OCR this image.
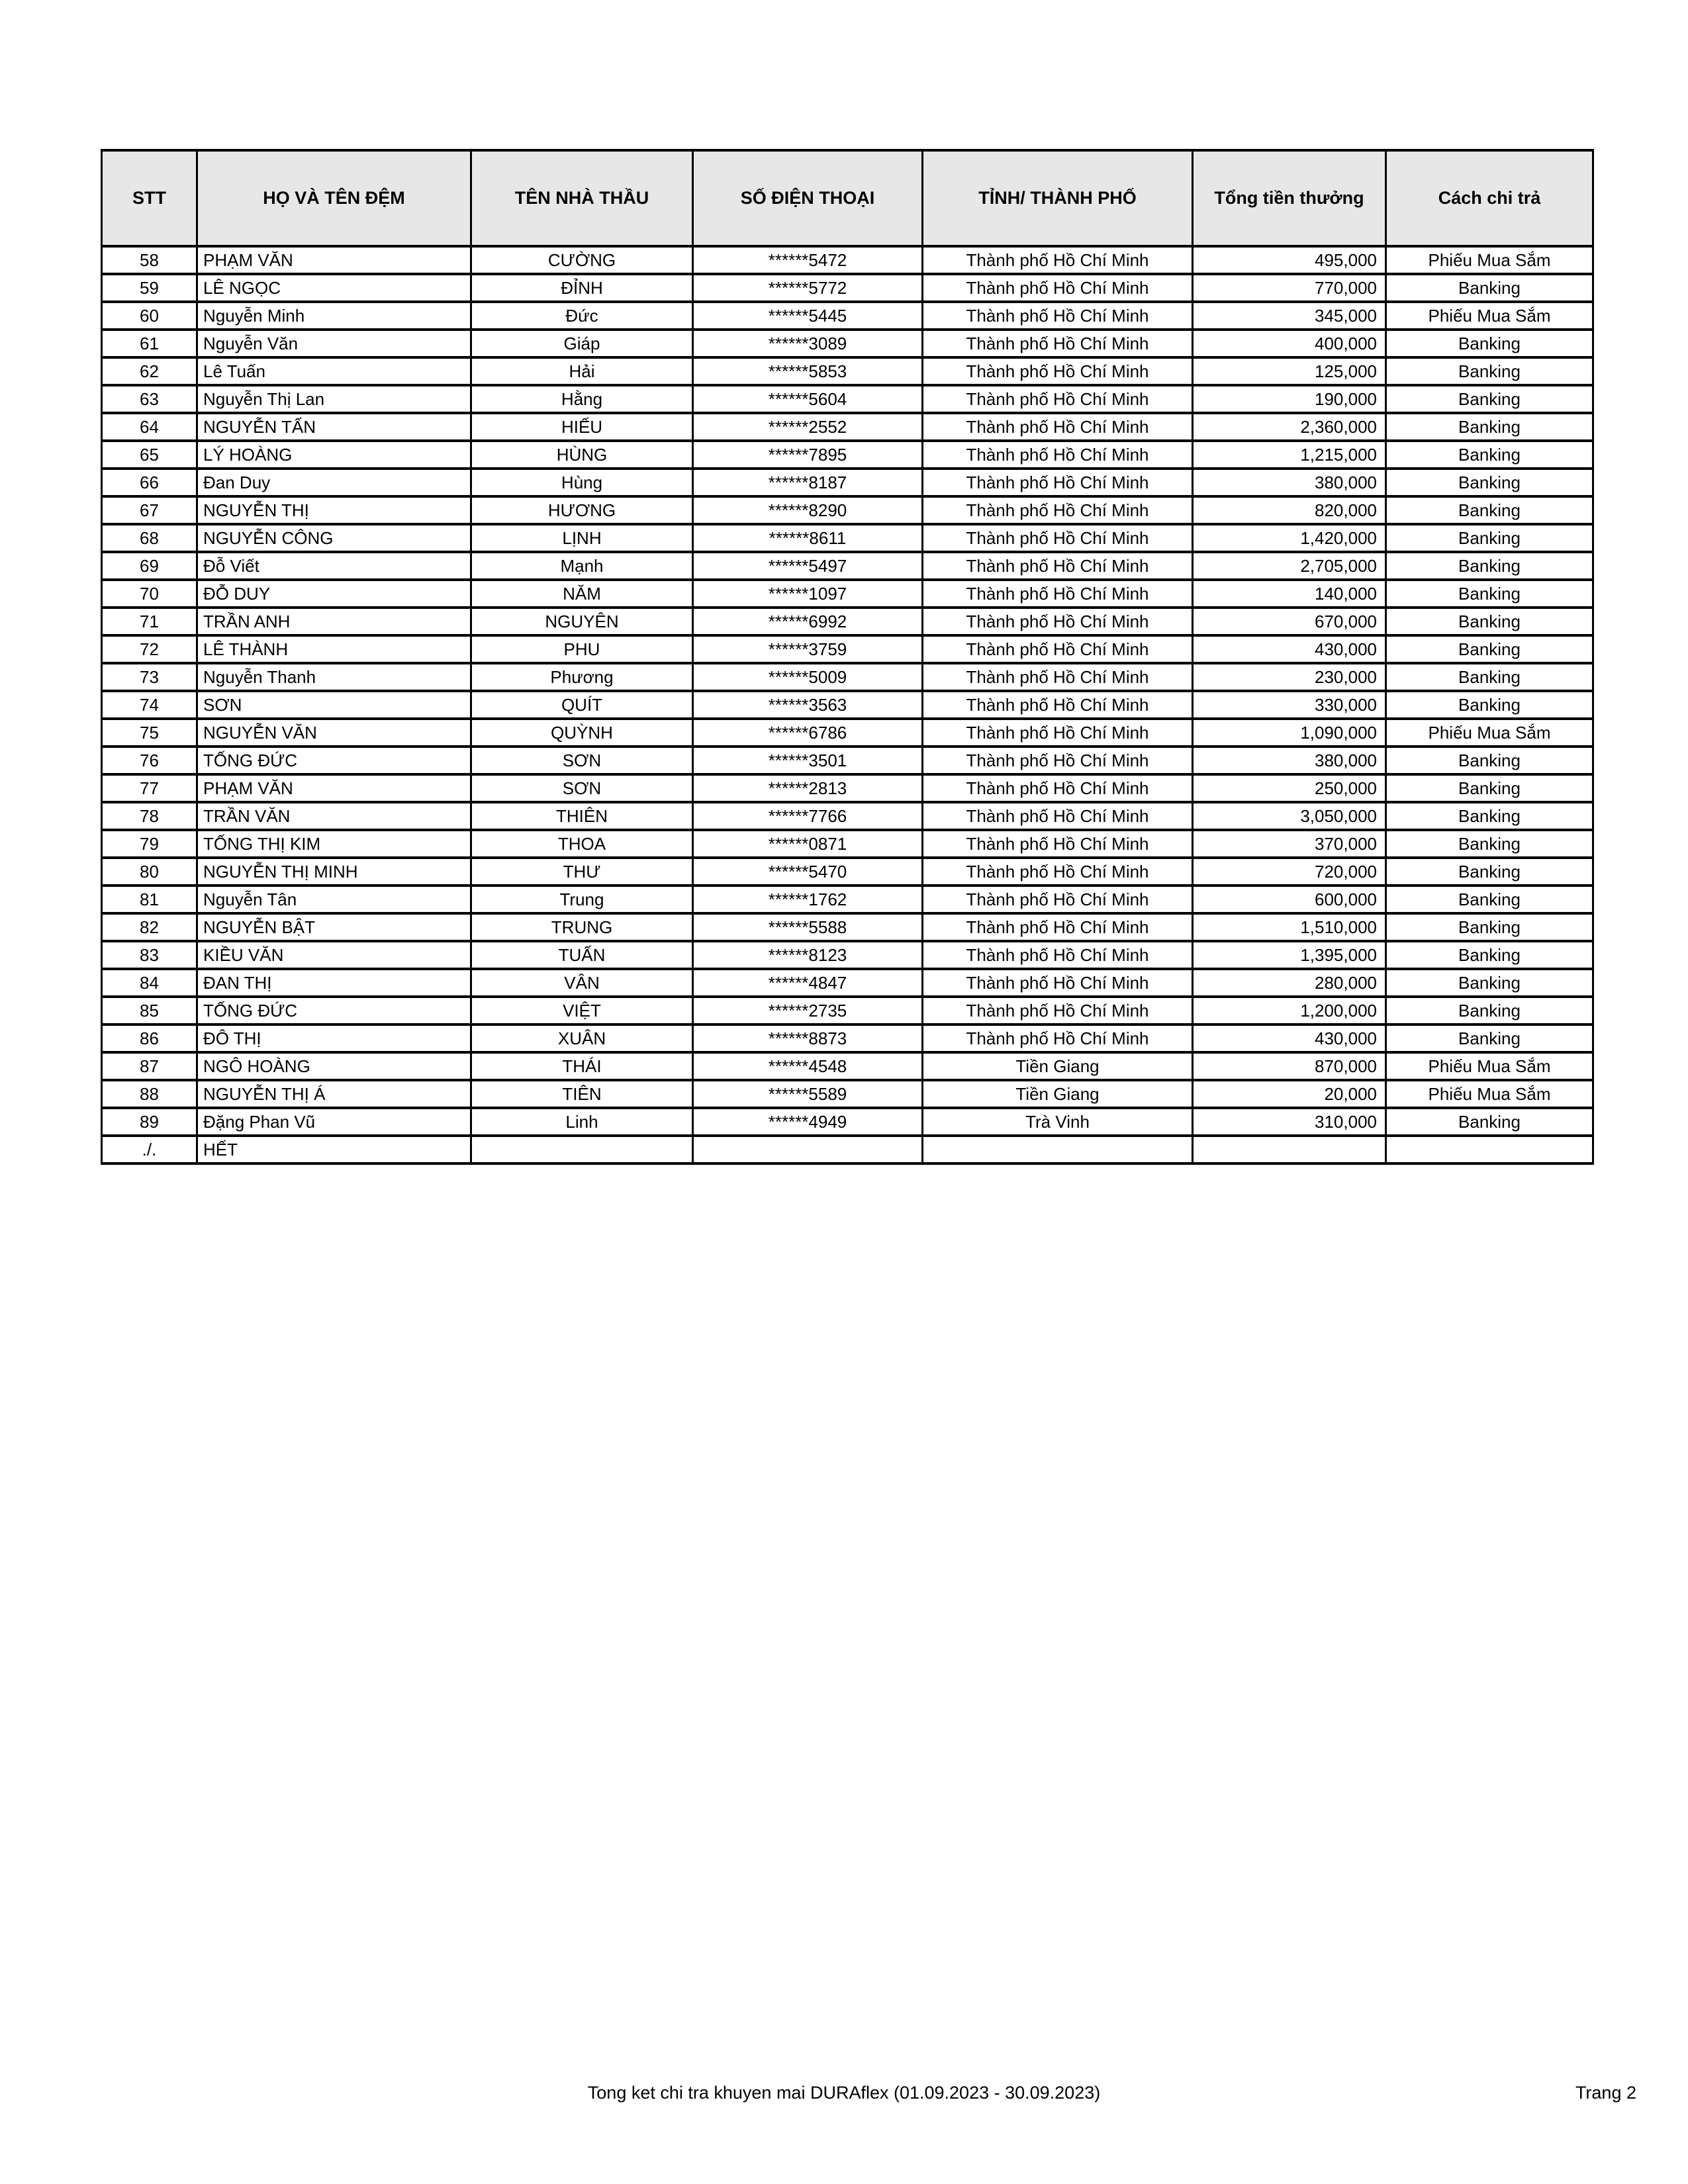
STT	HỌ VÀ TÊN ĐỆM	TÊN NHÀ THẦU	SỐ ĐIỆN THOẠI	TỈNH/ THÀNH PHỐ	Tổng tiền thưởng	Cách chi trả
58	PHẠM VĂN	CƯỜNG	******5472	Thành phố Hồ Chí Minh	495,000	Phiếu Mua Sắm
59	LÊ NGỌC	ĐỈNH	******5772	Thành phố Hồ Chí Minh	770,000	Banking
60	Nguyễn Minh	Đức	******5445	Thành phố Hồ Chí Minh	345,000	Phiếu Mua Sắm
61	Nguyễn Văn	Giáp	******3089	Thành phố Hồ Chí Minh	400,000	Banking
62	Lê Tuấn	Hải	******5853	Thành phố Hồ Chí Minh	125,000	Banking
63	Nguyễn Thị Lan	Hằng	******5604	Thành phố Hồ Chí Minh	190,000	Banking
64	NGUYỄN TẤN	HIẾU	******2552	Thành phố Hồ Chí Minh	2,360,000	Banking
65	LÝ HOÀNG	HÙNG	******7895	Thành phố Hồ Chí Minh	1,215,000	Banking
66	Đan Duy	Hùng	******8187	Thành phố Hồ Chí Minh	380,000	Banking
67	NGUYỄN THỊ	HƯƠNG	******8290	Thành phố Hồ Chí Minh	820,000	Banking
68	NGUYỄN CÔNG	LỊNH	******8611	Thành phố Hồ Chí Minh	1,420,000	Banking
69	Đỗ Viết	Mạnh	******5497	Thành phố Hồ Chí Minh	2,705,000	Banking
70	ĐỖ DUY	NĂM	******1097	Thành phố Hồ Chí Minh	140,000	Banking
71	TRẦN ANH	NGUYÊN	******6992	Thành phố Hồ Chí Minh	670,000	Banking
72	LÊ THÀNH	PHU	******3759	Thành phố Hồ Chí Minh	430,000	Banking
73	Nguyễn Thanh	Phương	******5009	Thành phố Hồ Chí Minh	230,000	Banking
74	SƠN	QUÍT	******3563	Thành phố Hồ Chí Minh	330,000	Banking
75	NGUYỄN VĂN	QUỲNH	******6786	Thành phố Hồ Chí Minh	1,090,000	Phiếu Mua Sắm
76	TỐNG ĐỨC	SƠN	******3501	Thành phố Hồ Chí Minh	380,000	Banking
77	PHẠM VĂN	SƠN	******2813	Thành phố Hồ Chí Minh	250,000	Banking
78	TRẦN VĂN	THIÊN	******7766	Thành phố Hồ Chí Minh	3,050,000	Banking
79	TỐNG THỊ KIM	THOA	******0871	Thành phố Hồ Chí Minh	370,000	Banking
80	NGUYỄN THỊ MINH	THƯ	******5470	Thành phố Hồ Chí Minh	720,000	Banking
81	Nguyễn Tân	Trung	******1762	Thành phố Hồ Chí Minh	600,000	Banking
82	NGUYỄN BẬT	TRUNG	******5588	Thành phố Hồ Chí Minh	1,510,000	Banking
83	KIỀU VĂN	TUẤN	******8123	Thành phố Hồ Chí Minh	1,395,000	Banking
84	ĐAN THỊ	VÂN	******4847	Thành phố Hồ Chí Minh	280,000	Banking
85	TỐNG ĐỨC	VIỆT	******2735	Thành phố Hồ Chí Minh	1,200,000	Banking
86	ĐÔ THỊ	XUÂN	******8873	Thành phố Hồ Chí Minh	430,000	Banking
87	NGÔ HOÀNG	THÁI	******4548	Tiền Giang	870,000	Phiếu Mua Sắm
88	NGUYỄN THỊ Á	TIÊN	******5589	Tiền Giang	20,000	Phiếu Mua Sắm
89	Đặng Phan Vũ	Linh	******4949	Trà Vinh	310,000	Banking
./.	HẾT					
Tong ket chi tra khuyen mai DURAflex (01.09.2023 - 30.09.2023)	Trang 2
